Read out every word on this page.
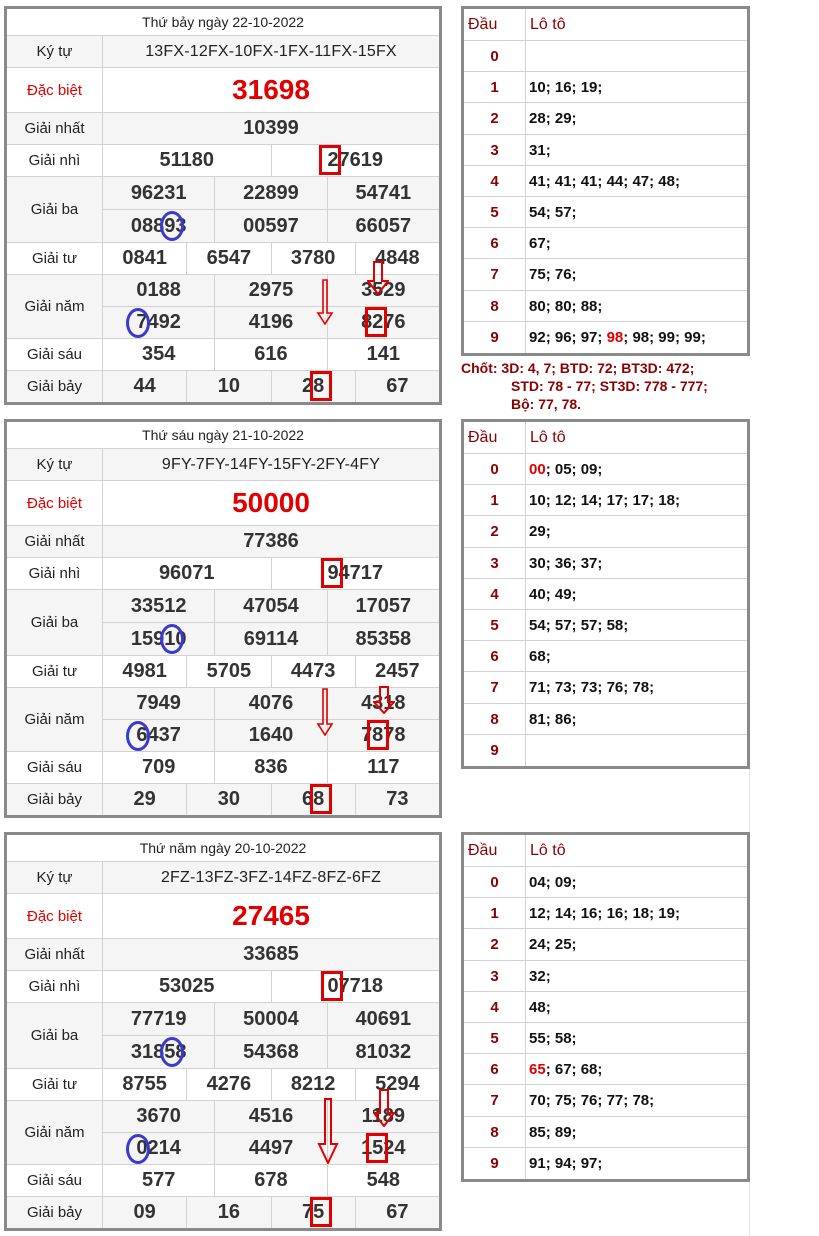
Thứ bảy ngày 22-10-2022
Ký tự	13FX-12FX-10FX-1FX-11FX-15FX
Đặc biệt	31698
Giải nhất	10399
Giải nhì	51180	27619
Giải ba
96231	22899	54741
08893	00597	66057
Giải tư	0841	6547	3780	4848
Giải năm
0188	2975	3529
7492	4196	8276
Giải sáu	354	616	141
Giải bảy	44	10	28	67
Thứ sáu ngày 21-10-2022
Ký tự	9FY-7FY-14FY-15FY-2FY-4FY
Đặc biệt	50000
Giải nhất	77386
Giải nhì	96071	94717
Giải ba
33512	47054	17057
15910	69114	85358
Giải tư	4981	5705	4473	2457
Giải năm
7949	4076	4318
6437	1640	7878
Giải sáu	709	836	117
Giải bảy	29	30	68	73
Thứ năm ngày 20-10-2022
Ký tự	2FZ-13FZ-3FZ-14FZ-8FZ-6FZ
Đặc biệt	27465
Giải nhất	33685
Giải nhì	53025	07718
Giải ba
77719	50004	40691
31858	54368	81032
Giải tư	8755	4276	8212	5294
Giải năm
3670	4516	1189
0214	4497	1524
Giải sáu	577	678	548
Giải bảy	09	16	75	67
Đầu	Lô tô
0
1	10; 16; 19;
2	28; 29;
3	31;
4	41; 41; 41; 44; 47; 48;
5	54; 57;
6	67;
7	75; 76;
8	80; 80; 88;
9	92; 96; 97; 98; 98; 99; 99;
Chốt: 3D: 4, 7; BTD: 72; BT3D: 472;
STD: 78 - 77; ST3D: 778 - 777;
Bộ: 77, 78.
Đầu	Lô tô
0	00; 05; 09;
1	10; 12; 14; 17; 17; 18;
2	29;
3	30; 36; 37;
4	40; 49;
5	54; 57; 57; 58;
6	68;
7	71; 73; 73; 76; 78;
8	81; 86;
9
Đầu	Lô tô
0	04; 09;
1	12; 14; 16; 16; 18; 19;
2	24; 25;
3	32;
4	48;
5	55; 58;
6	65; 67; 68;
7	70; 75; 76; 77; 78;
8	85; 89;
9	91; 94; 97;
